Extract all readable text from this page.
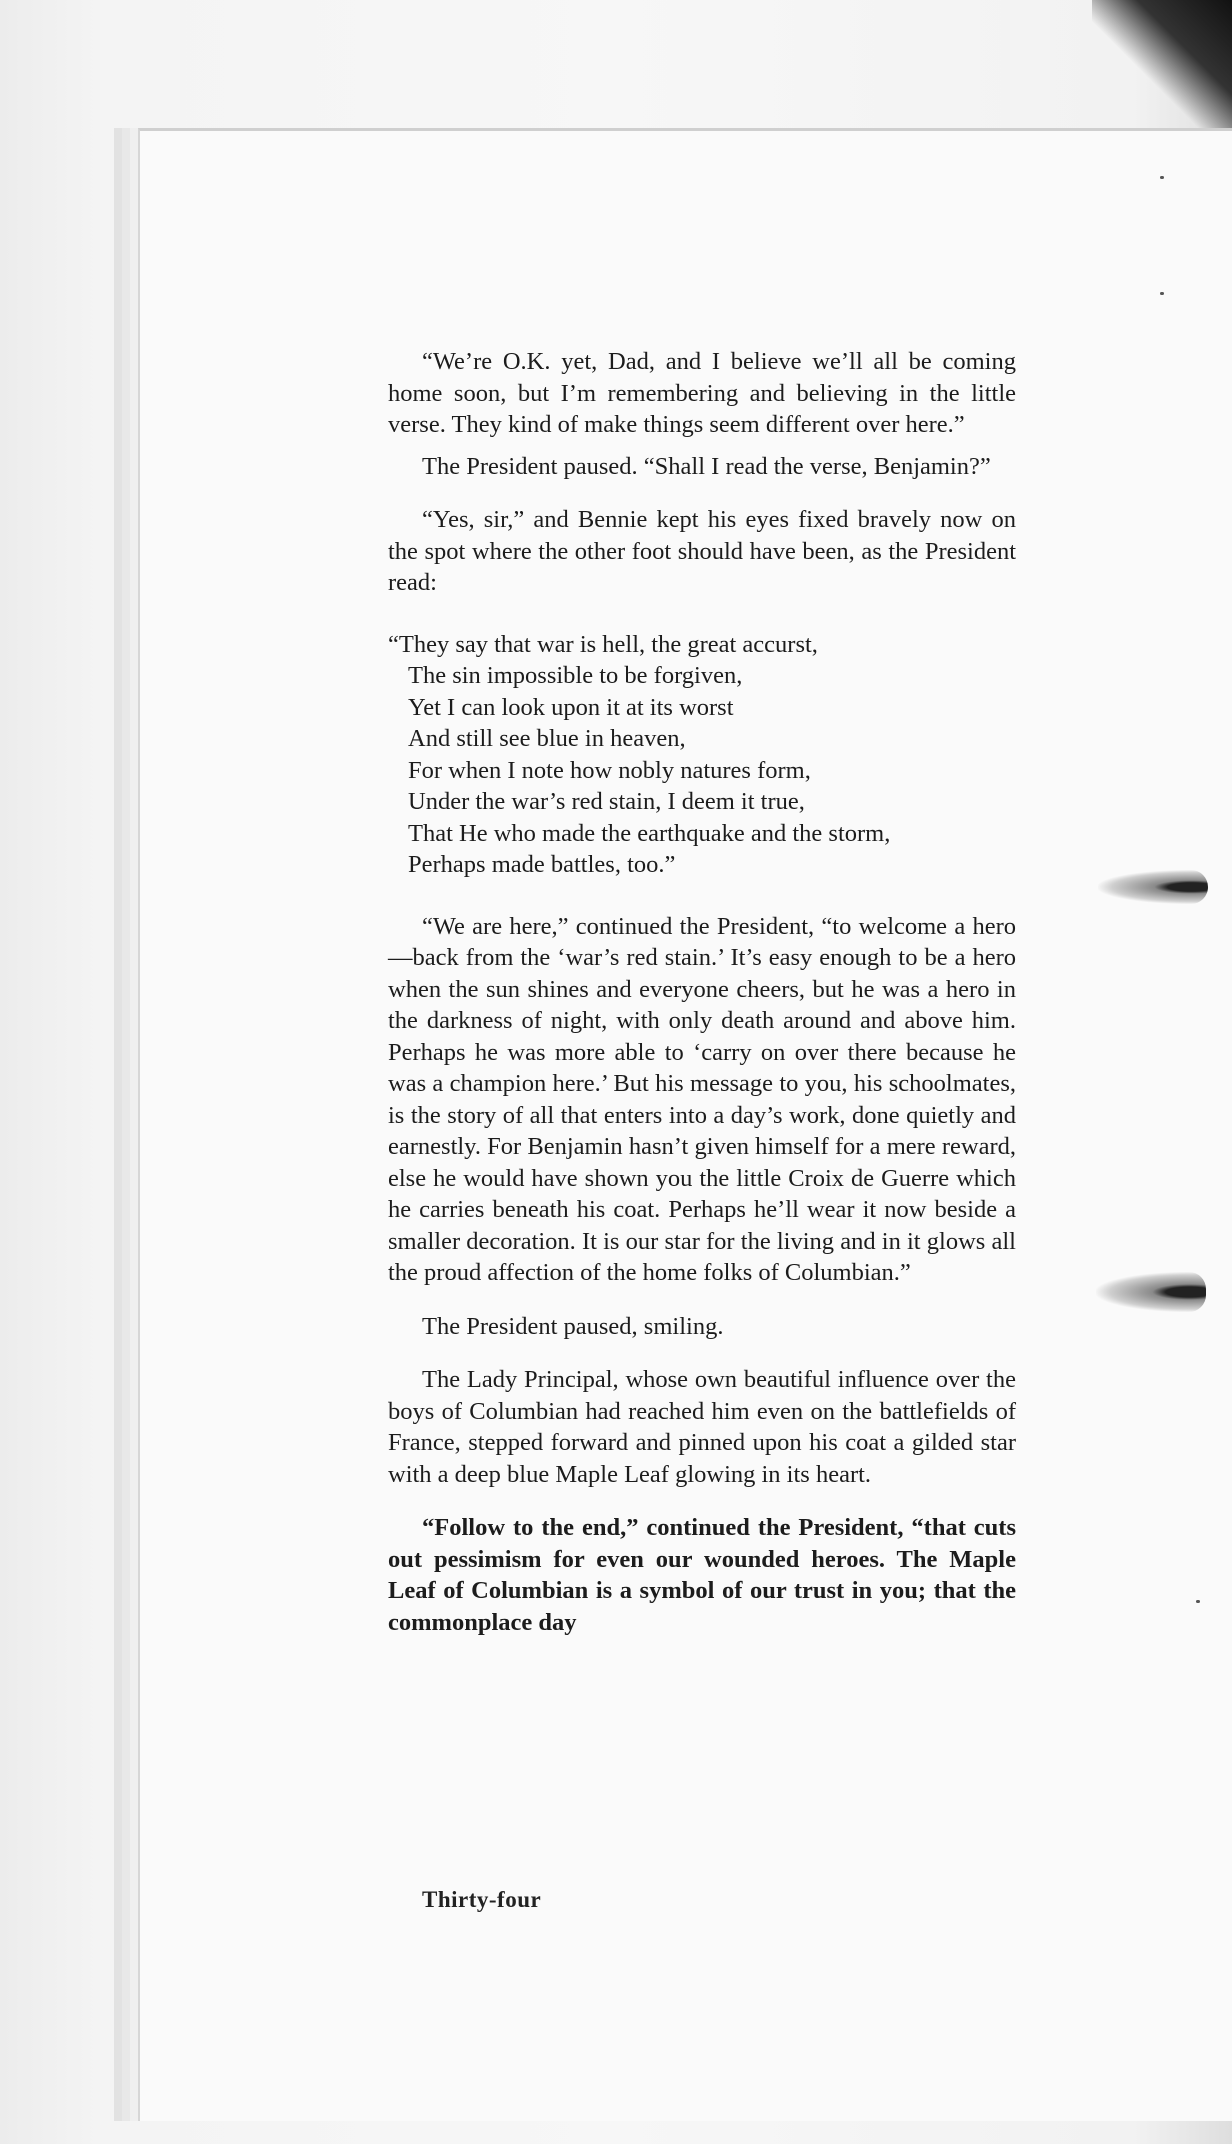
“We’re O.K. yet, Dad, and I believe we’ll all be coming home soon, but I’m remembering and believing in the little verse. They kind of make things seem different over here.”

The President paused. “Shall I read the verse, Benjamin?”

“Yes, sir,” and Bennie kept his eyes fixed bravely now on the spot where the other foot should have been, as the President read:

“They say that war is hell, the great accurst,
The sin impossible to be forgiven,
Yet I can look upon it at its worst
And still see blue in heaven,
For when I note how nobly natures form,
Under the war’s red stain, I deem it true,
That He who made the earthquake and the storm,
Perhaps made battles, too.”

“We are here,” continued the President, “to welcome a hero—back from the ‘war’s red stain.’ It’s easy enough to be a hero when the sun shines and everyone cheers, but he was a hero in the darkness of night, with only death around and above him. Perhaps he was more able to ‘carry on over there because he was a champion here.’ But his message to you, his schoolmates, is the story of all that enters into a day’s work, done quietly and earnestly. For Benjamin hasn’t given himself for a mere reward, else he would have shown you the little Croix de Guerre which he carries beneath his coat. Perhaps he’ll wear it now beside a smaller decoration. It is our star for the living and in it glows all the proud affection of the home folks of Columbian.”

The President paused, smiling.

The Lady Principal, whose own beautiful influence over the boys of Columbian had reached him even on the battlefields of France, stepped forward and pinned upon his coat a gilded star with a deep blue Maple Leaf glowing in its heart.

“Follow to the end,” continued the President, “that cuts out pessimism for even our wounded heroes. The Maple Leaf of Columbian is a symbol of our trust in you; that the commonplace day

Thirty-four
